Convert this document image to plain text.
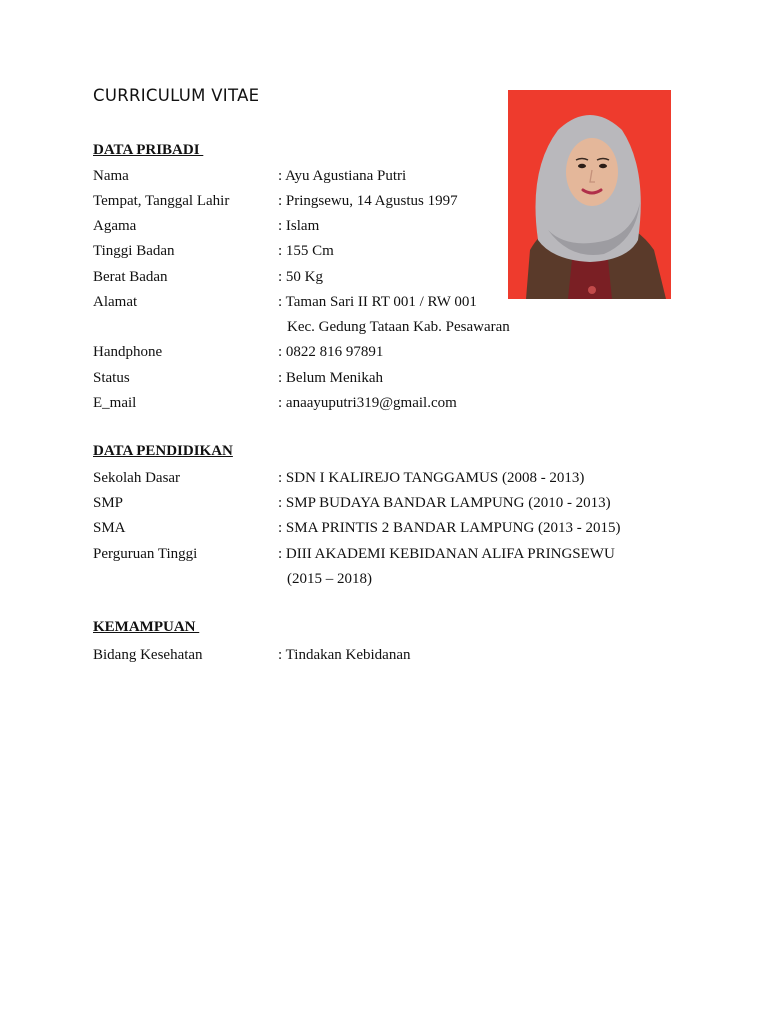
CURRICULUM VITAE
DATA PRIBADI
Nama	: Ayu Agustiana Putri
Tempat, Tanggal Lahir	: Pringsewu, 14 Agustus 1997
Agama	: Islam
Tinggi Badan	: 155 Cm
Berat Badan	: 50 Kg
Alamat	: Taman Sari II RT 001 / RW 001
Kec. Gedung Tataan Kab. Pesawaran
Handphone	: 0822 816 97891
Status	: Belum Menikah
E_mail	: anaayuputri319@gmail.com
DATA PENDIDIKAN
Sekolah Dasar	: SDN I KALIREJO TANGGAMUS (2008 - 2013)
SMP	: SMP BUDAYA BANDAR LAMPUNG (2010 - 2013)
SMA	: SMA PRINTIS 2 BANDAR LAMPUNG (2013 - 2015)
Perguruan Tinggi	: DIII AKADEMI KEBIDANAN ALIFA PRINGSEWU
(2015 – 2018)
KEMAMPUAN
Bidang Kesehatan	: Tindakan Kebidanan
